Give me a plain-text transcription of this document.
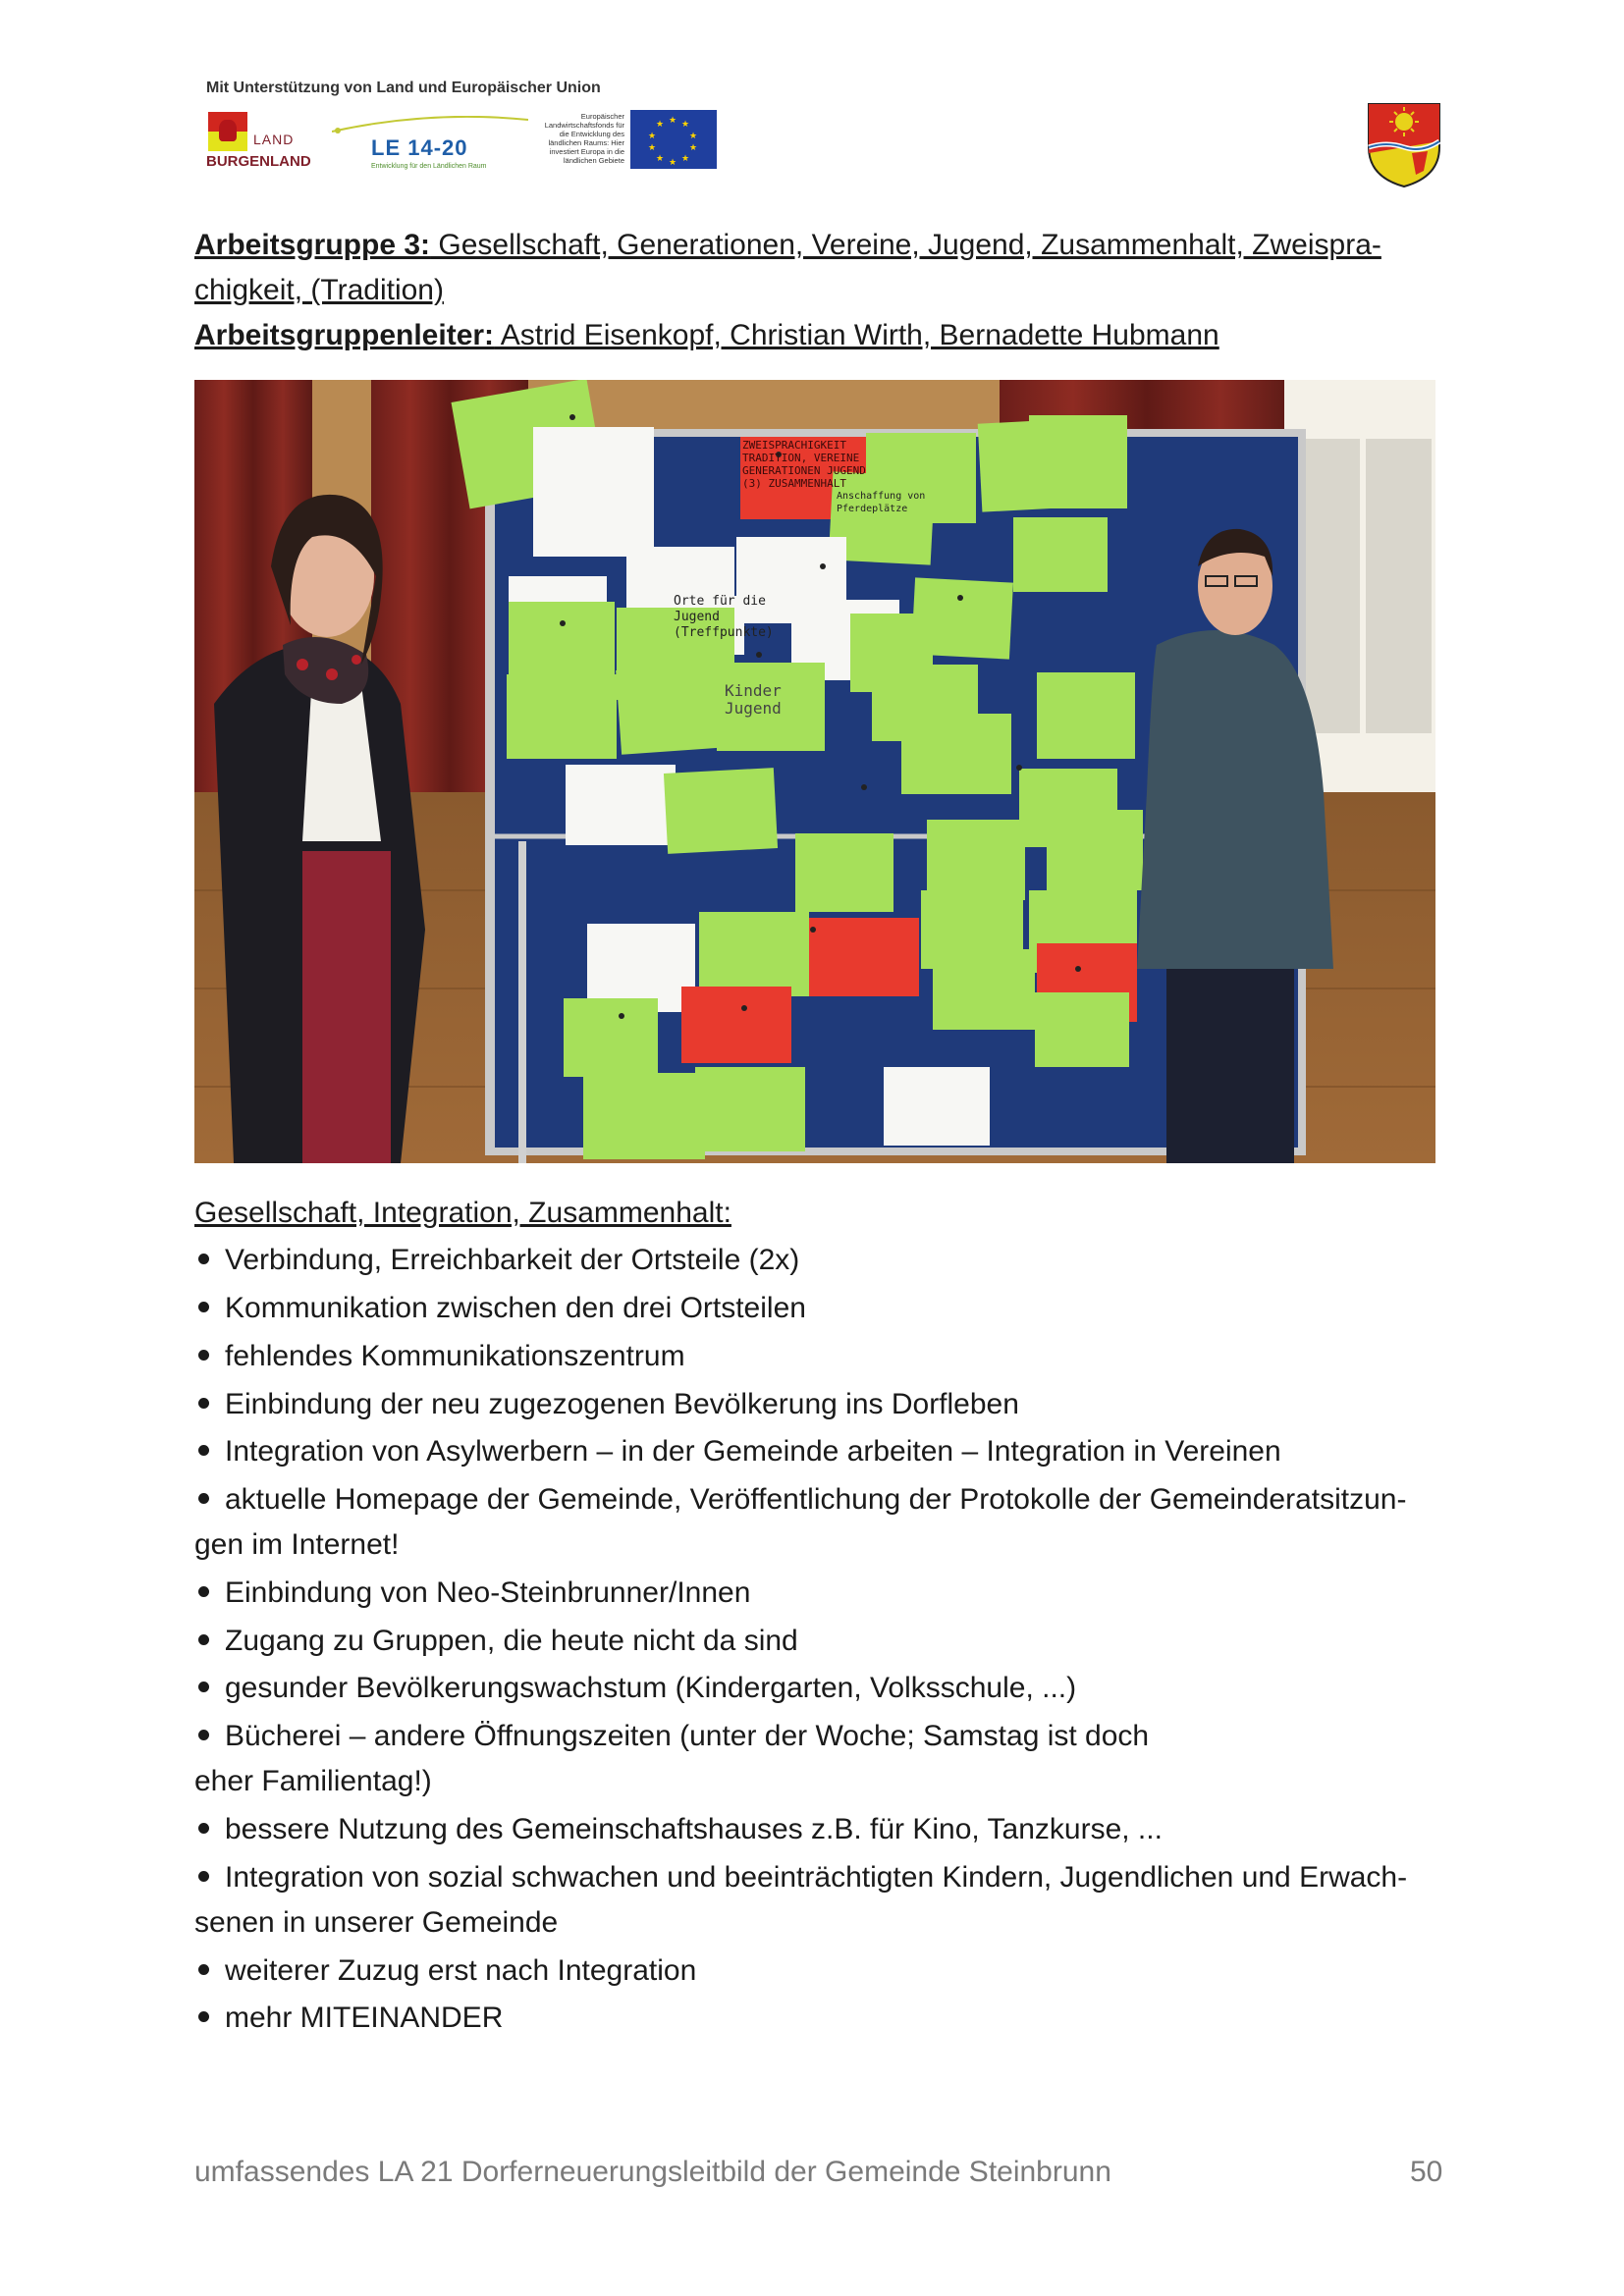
Mit Unterstützung von Land und Europäischer Union
LAND
BURGENLAND
LE 14-20
Entwicklung für den Ländlichen Raum
Europäischer Landwirtschaftsfonds für die Entwicklung des ländlichen Raums: Hier investiert Europa in die ländlichen Gebiete
★ ★
★
★
★
★
★
★
★
★
Arbeitsgruppe 3: Gesellschaft, Generationen, Vereine, Jugend, Zusammenhalt, Zweispra-
chigkeit, (Tradition)
Arbeitsgruppenleiter: Astrid Eisenkopf, Christian Wirth, Bernadette Hubmann
ZWEISPRACHIGKEIT TRADITION, VEREINE GENERATIONEN JUGEND (3) ZUSAMMENHALT
Orte für die Jugend (Treffpunkte)
Anschaffung von Pferdeplätze
Kinder Jugend
Gesellschaft, Integration, Zusammenhalt:
Verbindung, Erreichbarkeit der Ortsteile (2x)
Kommunikation zwischen den drei Ortsteilen
fehlendes Kommunikationszentrum
Einbindung der neu zugezogenen Bevölkerung ins Dorfleben
Integration von Asylwerbern – in der Gemeinde arbeiten – Integration in Vereinen
aktuelle Homepage der Gemeinde, Veröffentlichung der Protokolle der Gemeinderatsitzun-
gen im Internet!
Einbindung von Neo-Steinbrunner/Innen
Zugang zu Gruppen, die heute nicht da sind
gesunder Bevölkerungswachstum (Kindergarten, Volksschule, ...)
Bücherei – andere Öffnungszeiten (unter der Woche; Samstag ist doch
eher Familientag!)
bessere Nutzung des Gemeinschaftshauses z.B. für Kino, Tanzkurse, ...
Integration von sozial schwachen und beeinträchtigten Kindern, Jugendlichen und Erwach-
senen in unserer Gemeinde
weiterer Zuzug erst nach Integration
mehr MITEINANDER
umfassendes LA 21 Dorferneuerungsleitbild der Gemeinde Steinbrunn	50
